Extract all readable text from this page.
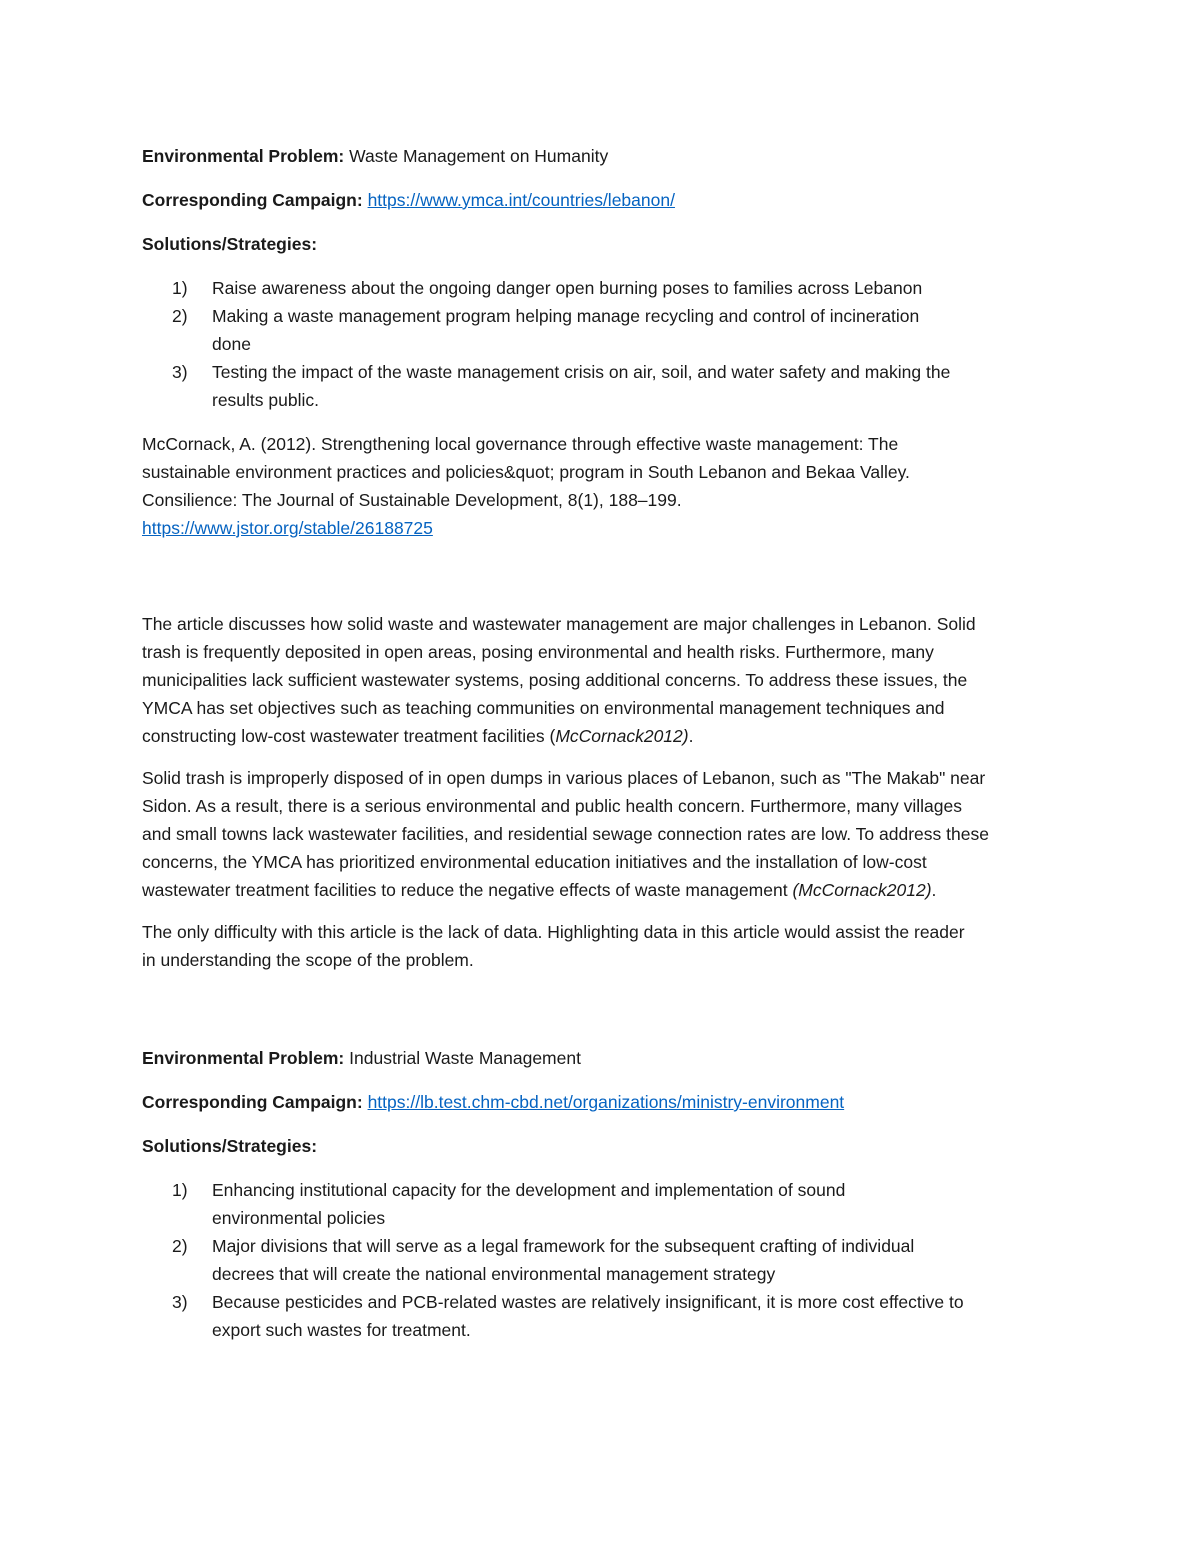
Environmental Problem: Waste Management on Humanity

Corresponding Campaign: https://www.ymca.int/countries/lebanon/

Solutions/Strategies:

1) Raise awareness about the ongoing danger open burning poses to families across Lebanon
2) Making a waste management program helping manage recycling and control of incineration
done
3) Testing the impact of the waste management crisis on air, soil, and water safety and making the
results public.
McCornack, A. (2012). Strengthening local governance through effective waste management: The
sustainable environment practices and policies&quot; program in South Lebanon and Bekaa Valley.
Consilience: The Journal of Sustainable Development, 8(1), 188–199.
https://www.jstor.org/stable/26188725
The article discusses how solid waste and wastewater management are major challenges in Lebanon. Solid
trash is frequently deposited in open areas, posing environmental and health risks. Furthermore, many
municipalities lack sufficient wastewater systems, posing additional concerns. To address these issues, the
YMCA has set objectives such as teaching communities on environmental management techniques and
constructing low-cost wastewater treatment facilities (McCornack2012).
Solid trash is improperly disposed of in open dumps in various places of Lebanon, such as "The Makab" near
Sidon. As a result, there is a serious environmental and public health concern. Furthermore, many villages
and small towns lack wastewater facilities, and residential sewage connection rates are low. To address these
concerns, the YMCA has prioritized environmental education initiatives and the installation of low-cost
wastewater treatment facilities to reduce the negative effects of waste management (McCornack2012).
The only difficulty with this article is the lack of data. Highlighting data in this article would assist the reader
in understanding the scope of the problem.

Environmental Problem: Industrial Waste Management

Corresponding Campaign: https://lb.test.chm-cbd.net/organizations/ministry-environment

Solutions/Strategies:

1) Enhancing institutional capacity for the development and implementation of sound
environmental policies
2) Major divisions that will serve as a legal framework for the subsequent crafting of individual
decrees that will create the national environmental management strategy
3) Because pesticides and PCB-related wastes are relatively insignificant, it is more cost effective to
export such wastes for treatment.
